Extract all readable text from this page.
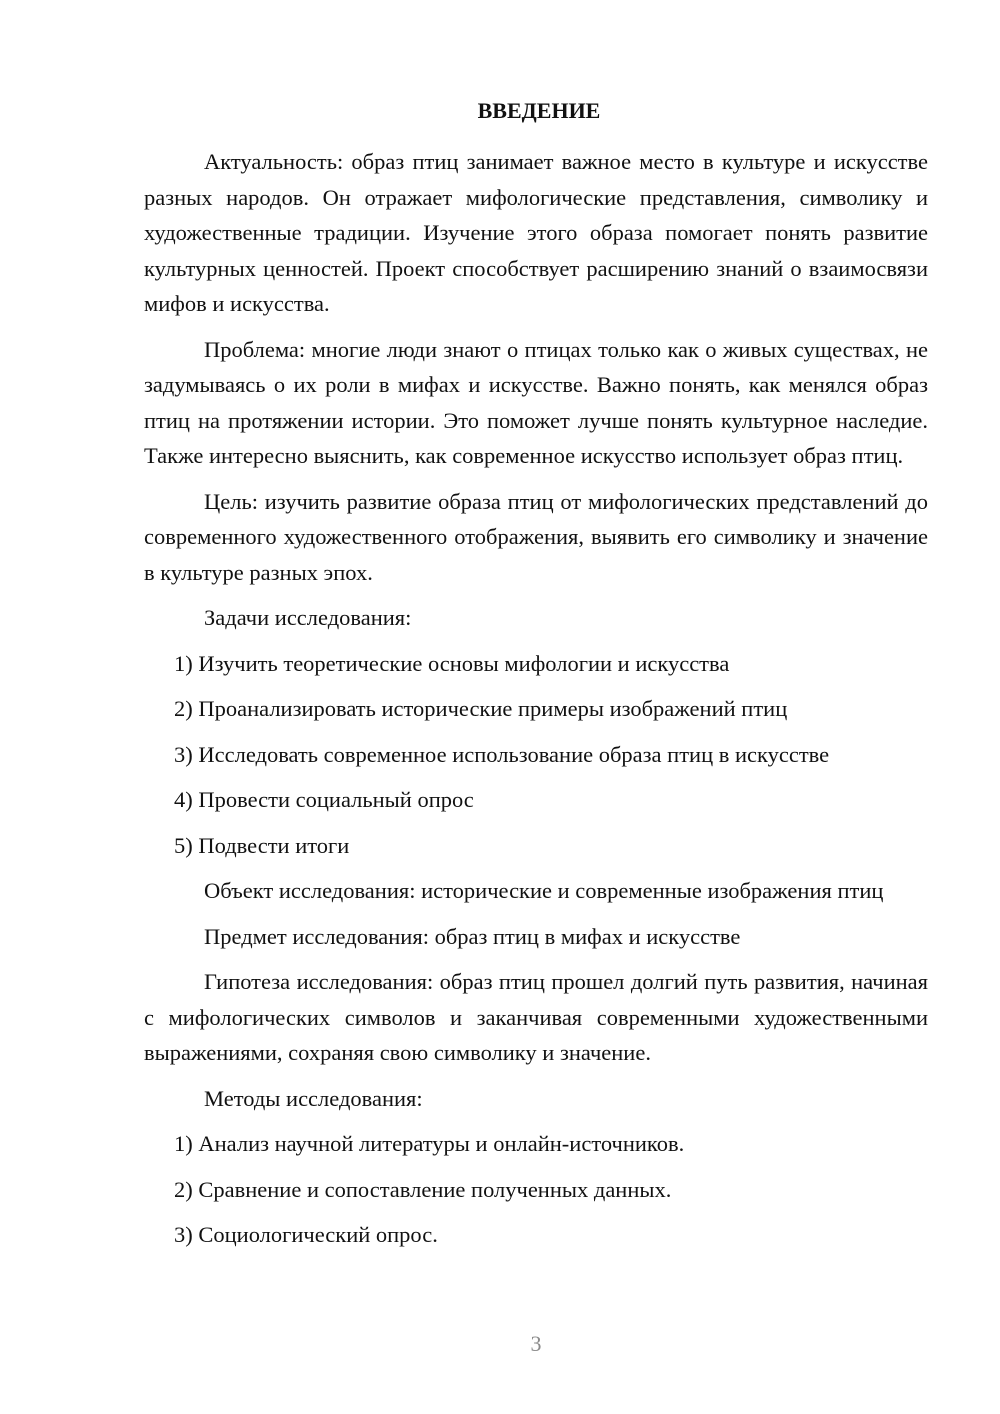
ВВЕДЕНИЕ

Актуальность: образ птиц занимает важное место в культуре и искусстве разных народов. Он отражает мифологические представления, символику и художественные традиции. Изучение этого образа помогает понять развитие культурных ценностей. Проект способствует расширению знаний о взаимосвязи мифов и искусства.

Проблема: многие люди знают о птицах только как о живых существах, не задумываясь о их роли в мифах и искусстве. Важно понять, как менялся образ птиц на протяжении истории. Это поможет лучше понять культурное наследие. Также интересно выяснить, как современное искусство использует образ птиц.

Цель: изучить развитие образа птиц от мифологических представлений до современного художественного отображения, выявить его символику и значение в культуре разных эпох.

Задачи исследования:
1) Изучить теоретические основы мифологии и искусства
2) Проанализировать исторические примеры изображений птиц
3) Исследовать современное использование образа птиц в искусстве
4) Провести социальный опрос
5) Подвести итоги

Объект исследования: исторические и современные изображения птиц

Предмет исследования: образ птиц в мифах и искусстве

Гипотеза исследования: образ птиц прошел долгий путь развития, начиная с мифологических символов и заканчивая современными художественными выражениями, сохраняя свою символику и значение.

Методы исследования:
1) Анализ научной литературы и онлайн-источников.
2) Сравнение и сопоставление полученных данных.
3) Социологический опрос.
3
